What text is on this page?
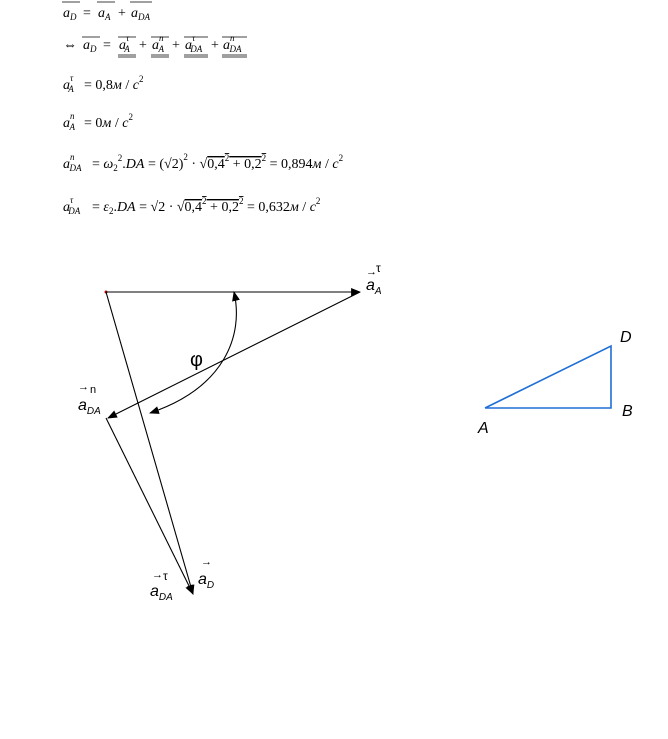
$a_D = a_A + a_{DA}$
⇔ $a_D = a^\tau$ $A + a^n$ $A + a^\tau$ DA + $a^n$ DA
$a^\tau$ $A = 0,8м / c^2$
$a^n$ $A = 0м / c^2$
$a^n$ DA = $\omega_2^2.DA = (√2)^2 \cdot √0,4^2 + 0,2^2 = 0,894м / c^2$
$a^\tau$ DA = $\varepsilon_2.DA = √2 \cdot √0,4^2 + 0,2^2 = 0,632м / c^2$
→ τ
$a_A$
φ
→ n
$a_{DA}$
→ τ
$a_{DA}$
→
$a_D$
A
B
D
